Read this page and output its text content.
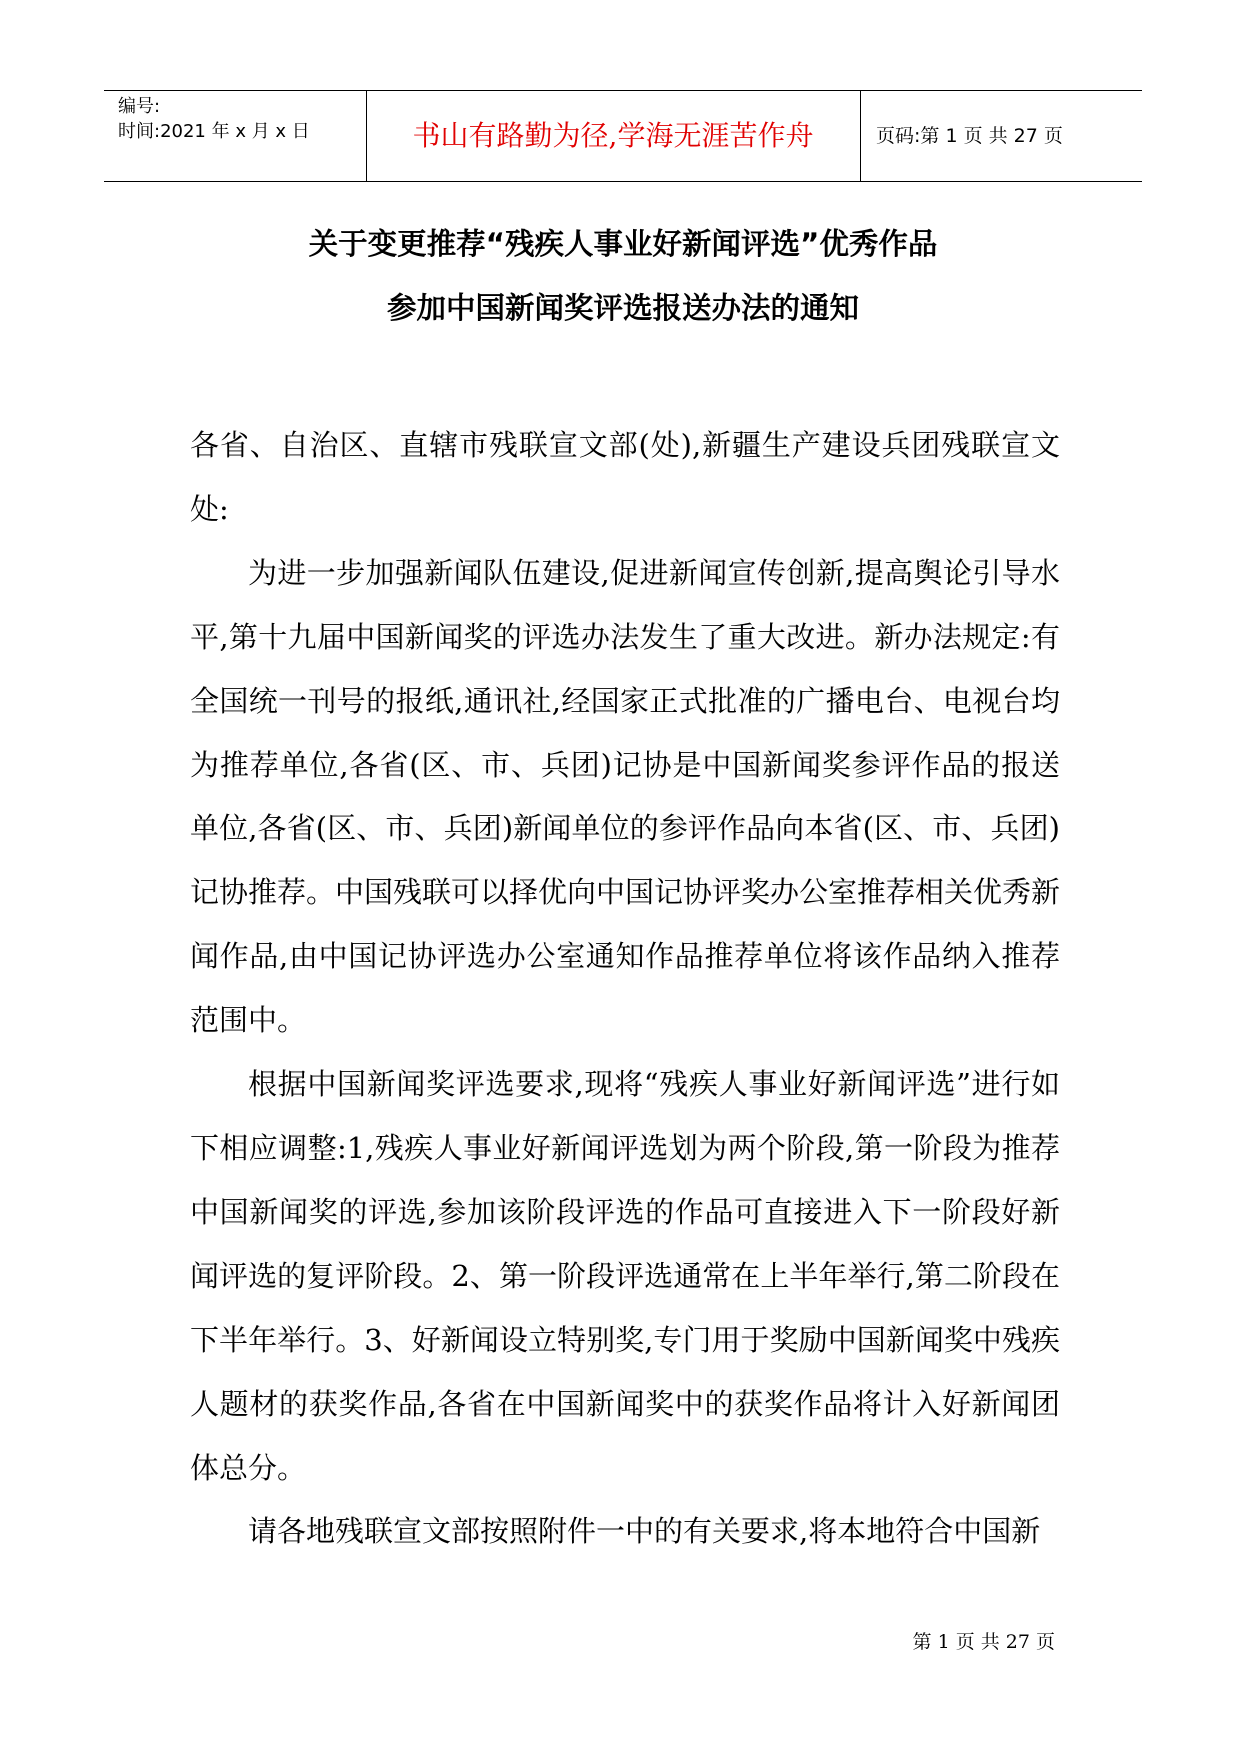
编号:
时间:2021 年 x 月 x 日	书山有路勤为径,学海无涯苦作舟	页码:第 1 页 共 27 页
关于变更推荐“残疾人事业好新闻评选”优秀作品
参加中国新闻奖评选报送办法的通知

各省、自治区、直辖市残联宣文部(处),新疆生产建设兵团残联宣文处:

为进一步加强新闻队伍建设,促进新闻宣传创新,提高舆论引导水平,第十九届中国新闻奖的评选办法发生了重大改进。新办法规定:有全国统一刊号的报纸,通讯社,经国家正式批准的广播电台、电视台均为推荐单位,各省(区、市、兵团)记协是中国新闻奖参评作品的报送单位,各省(区、市、兵团)新闻单位的参评作品向本省(区、市、兵团)记协推荐。中国残联可以择优向中国记协评奖办公室推荐相关优秀新闻作品,由中国记协评选办公室通知作品推荐单位将该作品纳入推荐范围中。

根据中国新闻奖评选要求,现将“残疾人事业好新闻评选”进行如下相应调整:1,残疾人事业好新闻评选划为两个阶段,第一阶段为推荐中国新闻奖的评选,参加该阶段评选的作品可直接进入下一阶段好新闻评选的复评阶段。2、第一阶段评选通常在上半年举行,第二阶段在下半年举行。3、好新闻设立特别奖,专门用于奖励中国新闻奖中残疾人题材的获奖作品,各省在中国新闻奖中的获奖作品将计入好新闻团体总分。

请各地残联宣文部按照附件一中的有关要求,将本地符合中国新

第 1 页 共 27 页
